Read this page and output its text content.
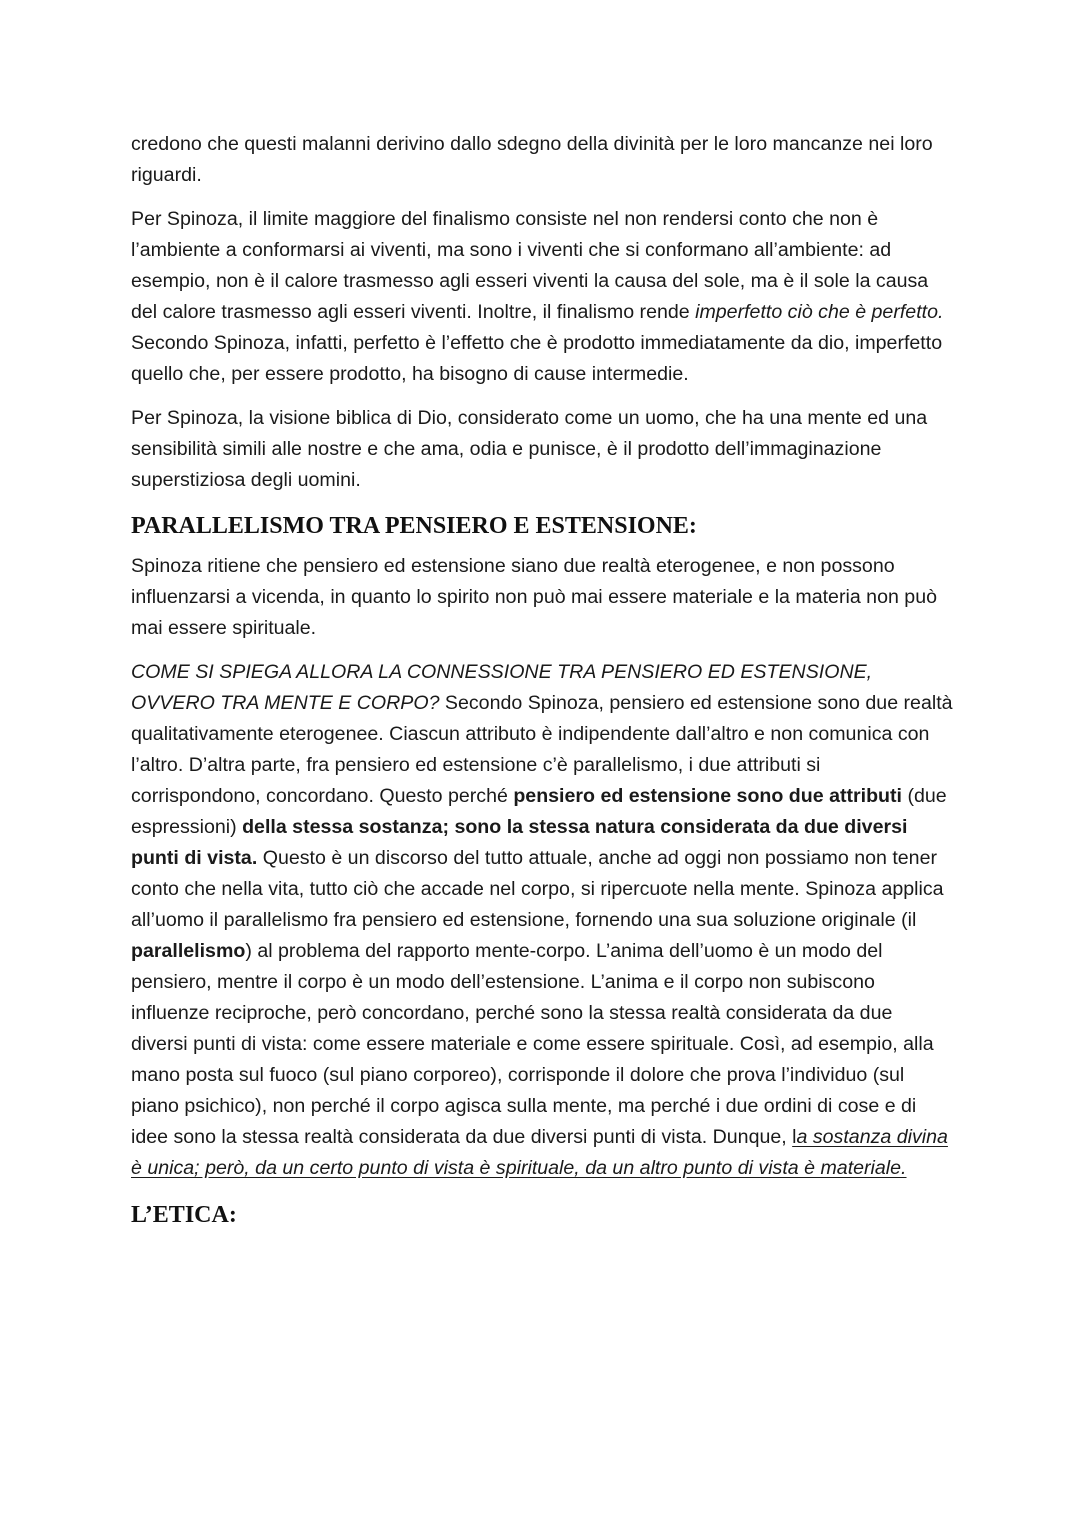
credono che questi malanni derivino dallo sdegno della divinità per le loro mancanze nei loro riguardi.

Per Spinoza, il limite maggiore del finalismo consiste nel non rendersi conto che non è l’ambiente a conformarsi ai viventi, ma sono i viventi che si conformano all’ambiente: ad esempio, non è il calore trasmesso agli esseri viventi la causa del sole, ma è il sole la causa del calore trasmesso agli esseri viventi. Inoltre, il finalismo rende imperfetto ciò che è perfetto. Secondo Spinoza, infatti, perfetto è l’effetto che è prodotto immediatamente da dio, imperfetto quello che, per essere prodotto, ha bisogno di cause intermedie.

Per Spinoza, la visione biblica di Dio, considerato come un uomo, che ha una mente ed una sensibilità simili alle nostre e che ama, odia e punisce, è il prodotto dell’immaginazione superstiziosa degli uomini.

PARALLELISMO TRA PENSIERO E ESTENSIONE:

Spinoza ritiene che pensiero ed estensione siano due realtà eterogenee, e non possono influenzarsi a vicenda, in quanto lo spirito non può mai essere materiale e la materia non può mai essere spirituale.

COME SI SPIEGA ALLORA LA CONNESSIONE TRA PENSIERO ED ESTENSIONE, OVVERO TRA MENTE E CORPO? Secondo Spinoza, pensiero ed estensione sono due realtà qualitativamente eterogenee. Ciascun attributo è indipendente dall’altro e non comunica con l’altro. D’altra parte, fra pensiero ed estensione c’è parallelismo, i due attributi si corrispondono, concordano. Questo perché pensiero ed estensione sono due attributi (due espressioni) della stessa sostanza; sono la stessa natura considerata da due diversi punti di vista. Questo è un discorso del tutto attuale, anche ad oggi non possiamo non tener conto che nella vita, tutto ciò che accade nel corpo, si ripercuote nella mente. Spinoza applica all’uomo il parallelismo fra pensiero ed estensione, fornendo una sua soluzione originale (il parallelismo) al problema del rapporto mente-corpo. L’anima dell’uomo è un modo del pensiero, mentre il corpo è un modo dell’estensione. L’anima e il corpo non subiscono influenze reciproche, però concordano, perché sono la stessa realtà considerata da due diversi punti di vista: come essere materiale e come essere spirituale. Così, ad esempio, alla mano posta sul fuoco (sul piano corporeo), corrisponde il dolore che prova l’individuo (sul piano psichico), non perché il corpo agisca sulla mente, ma perché i due ordini di cose e di idee sono la stessa realtà considerata da due diversi punti di vista. Dunque, la sostanza divina è unica; però, da un certo punto di vista è spirituale, da un altro punto di vista è materiale.

L’ETICA:
